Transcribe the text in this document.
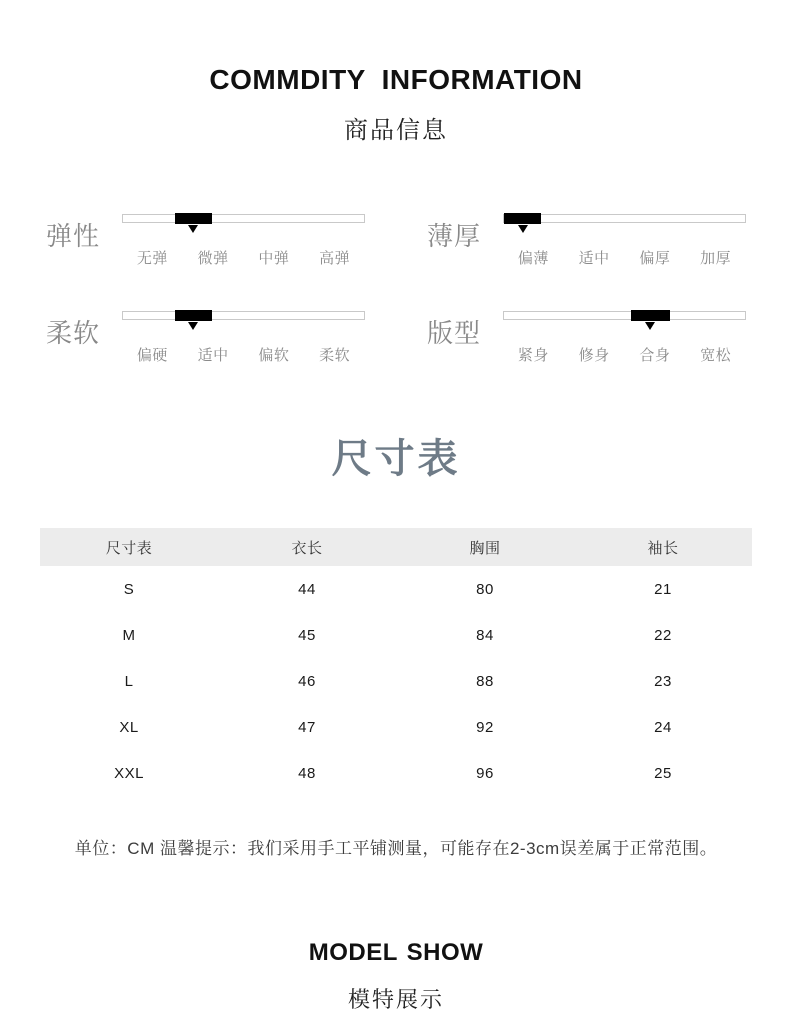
COMMDITY INFORMATION
商品信息
弹性
无弹	微弹	中弹	高弹
薄厚
偏薄	适中	偏厚	加厚
柔软
偏硬	适中	偏软	柔软
版型
紧身	修身	合身	宽松
尺寸表
尺寸表	衣长	胸围	袖长
S	44	80	21
M	45	84	22
L	46	88	23
XL	47	92	24
XXL	48	96	25
单位：CM 温馨提示：我们采用手工平铺测量，可能存在2-3cm误差属于正常范围。
MODEL SHOW
模特展示
